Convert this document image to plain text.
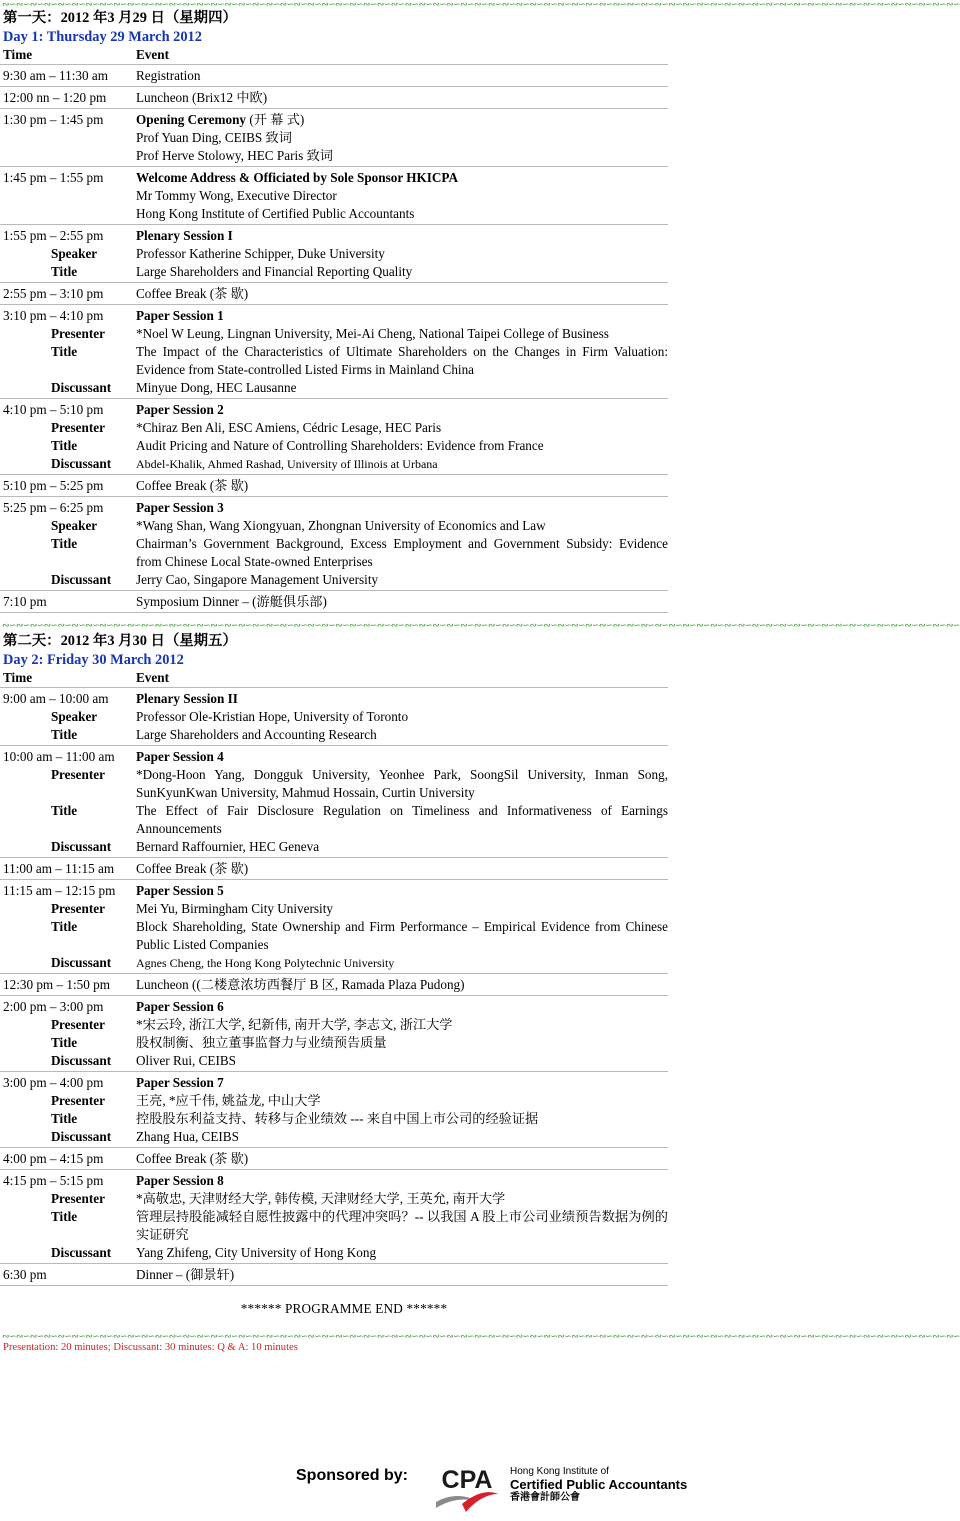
∾∽∾∽∾∽∾∽∾∽∾∽∾∽∾∽∾∽∾∽∾∽∾∽∾∽∾∽∾∽∾∽∾∽∾∽∾∽∾∽∾∽∾∽∾∽∾∽∾∽∾∽∾∽∾∽∾∽∾∽∾∽∾∽∾∽∾∽∾∽∾∽∾∽∾∽∾∽∾∽∾∽∾∽∾∽∾∽∾∽∾∽∾∽∾∽∾∽∾∽∾∽∾∽∾∽∾∽∾∽∾∽∾∽∾∽∾∽∾∽∾∽∾∽∾∽∾∽∾∽∾∽∾∽∾∽∾∽
第一天：2012 年3 月29 日（星期四）
Day 1: Thursday 29 March 2012
Time	Event
9:30 am – 11:30 am	Registration
12:00 nn – 1:20 pm	Luncheon (Brix12 中欧)
1:30 pm – 1:45 pm	Opening Ceremony (开 幕 式)
Prof Yuan Ding, CEIBS 致词
Prof Herve Stolowy, HEC Paris 致词
1:45 pm – 1:55 pm	Welcome Address & Officiated by Sole Sponsor HKICPA
Mr Tommy Wong, Executive Director
Hong Kong Institute of Certified Public Accountants
1:55 pm – 2:55 pm	Plenary Session I
Speaker	Professor Katherine Schipper, Duke University
Title	Large Shareholders and Financial Reporting Quality
2:55 pm – 3:10 pm	Coffee Break (茶 歇)
3:10 pm – 4:10 pm	Paper Session 1
Presenter	*Noel W Leung, Lingnan University, Mei-Ai Cheng, National Taipei College of Business
Title	The Impact of the Characteristics of Ultimate Shareholders on the Changes in Firm Valuation: Evidence from State-controlled Listed Firms in Mainland China
Discussant	Minyue Dong, HEC Lausanne
4:10 pm – 5:10 pm	Paper Session 2
Presenter	*Chiraz Ben Ali, ESC Amiens, Cédric Lesage, HEC Paris
Title	Audit Pricing and Nature of Controlling Shareholders: Evidence from France
Discussant	Abdel-Khalik, Ahmed Rashad, University of Illinois at Urbana
5:10 pm – 5:25 pm	Coffee Break (茶 歇)
5:25 pm – 6:25 pm	Paper Session 3
Speaker	*Wang Shan, Wang Xiongyuan, Zhongnan University of Economics and Law
Title	Chairman’s Government Background, Excess Employment and Government Subsidy: Evidence from Chinese Local State-owned Enterprises
Discussant	Jerry Cao, Singapore Management University
7:10 pm	Symposium Dinner – (游艇俱乐部)
∾∽∾∽∾∽∾∽∾∽∾∽∾∽∾∽∾∽∾∽∾∽∾∽∾∽∾∽∾∽∾∽∾∽∾∽∾∽∾∽∾∽∾∽∾∽∾∽∾∽∾∽∾∽∾∽∾∽∾∽∾∽∾∽∾∽∾∽∾∽∾∽∾∽∾∽∾∽∾∽∾∽∾∽∾∽∾∽∾∽∾∽∾∽∾∽∾∽∾∽∾∽∾∽∾∽∾∽∾∽∾∽∾∽∾∽∾∽∾∽∾∽∾∽∾∽∾∽∾∽∾∽∾∽∾∽∾∽
第二天：2012 年3 月30 日（星期五）
Day 2: Friday 30 March 2012
Time	Event
9:00 am – 10:00 am	Plenary Session II
Speaker	Professor Ole-Kristian Hope, University of Toronto
Title	Large Shareholders and Accounting Research
10:00 am – 11:00 am	Paper Session 4
Presenter	*Dong-Hoon Yang, Dongguk University, Yeonhee Park, SoongSil University, Inman Song, SunKyunKwan University, Mahmud Hossain, Curtin University
Title	The Effect of Fair Disclosure Regulation on Timeliness and Informativeness of Earnings Announcements
Discussant	Bernard Raffournier, HEC Geneva
11:00 am – 11:15 am	Coffee Break (茶 歇)
11:15 am – 12:15 pm	Paper Session 5
Presenter	Mei Yu, Birmingham City University
Title	Block Shareholding, State Ownership and Firm Performance – Empirical Evidence from Chinese Public Listed Companies
Discussant	Agnes Cheng, the Hong Kong Polytechnic University
12:30 pm – 1:50 pm	Luncheon ((二楼意浓坊西餐厅 B 区, Ramada Plaza Pudong)
2:00 pm – 3:00 pm	Paper Session 6
Presenter	*宋云玲, 浙江大学, 纪新伟, 南开大学, 李志文, 浙江大学
Title	股权制衡、独立董事监督力与业绩预告质量
Discussant	Oliver Rui, CEIBS
3:00 pm – 4:00 pm	Paper Session 7
Presenter	王亮, *应千伟, 姚益龙, 中山大学
Title	控股股东利益支持、转移与企业绩效 --- 来自中国上市公司的经验证据
Discussant	Zhang Hua, CEIBS
4:00 pm – 4:15 pm	Coffee Break (茶 歇)
4:15 pm – 5:15 pm	Paper Session 8
Presenter	*高敬忠, 天津财经大学, 韩传模, 天津财经大学, 王英允, 南开大学
Title	管理层持股能减轻自愿性披露中的代理冲突吗？-- 以我国 A 股上市公司业绩预告数据为例的实证研究
Discussant	Yang Zhifeng, City University of Hong Kong
6:30 pm	Dinner – (御景轩)
****** PROGRAMME END ******
∾∽∾∽∾∽∾∽∾∽∾∽∾∽∾∽∾∽∾∽∾∽∾∽∾∽∾∽∾∽∾∽∾∽∾∽∾∽∾∽∾∽∾∽∾∽∾∽∾∽∾∽∾∽∾∽∾∽∾∽∾∽∾∽∾∽∾∽∾∽∾∽∾∽∾∽∾∽∾∽∾∽∾∽∾∽∾∽∾∽∾∽∾∽∾∽∾∽∾∽∾∽∾∽∾∽∾∽∾∽∾∽∾∽∾∽∾∽∾∽∾∽∾∽∾∽∾∽∾∽∾∽∾∽∾∽∾∽
Presentation: 20 minutes; Discussant: 30 minutes: Q & A: 10 minutes
Sponsored by: CPA Hong Kong Institute of
Certified Public Accountants
香港會計師公會
